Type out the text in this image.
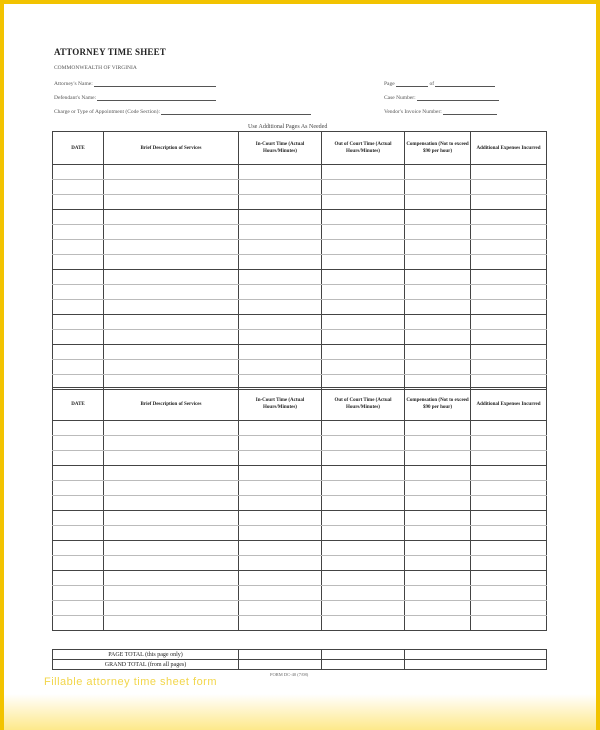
ATTORNEY TIME SHEET
COMMONWEALTH OF VIRGINIA
Attorney's Name:
Defendant's Name:
Charge or Type of Appointment (Code Section):
Page	of
Case Number:
Vendor's Invoice Number:
Use Additional Pages As Needed
DATE	Brief Description of Services	In-Court Time (Actual Hours/Minutes)	Out of Court Time (Actual Hours/Minutes)	Compensation (Not to exceed $90 per hour)	Additional Expenses Incurred

DATE	Brief Description of Services	In-Court Time (Actual Hours/Minutes)	Out of Court Time (Actual Hours/Minutes)	Compensation (Not to exceed $90 per hour)	Additional Expenses Incurred

PAGE TOTAL (this page only)			
GRAND TOTAL (from all pages)			
FORM DC-40 (7/08)
Fillable attorney time sheet form
